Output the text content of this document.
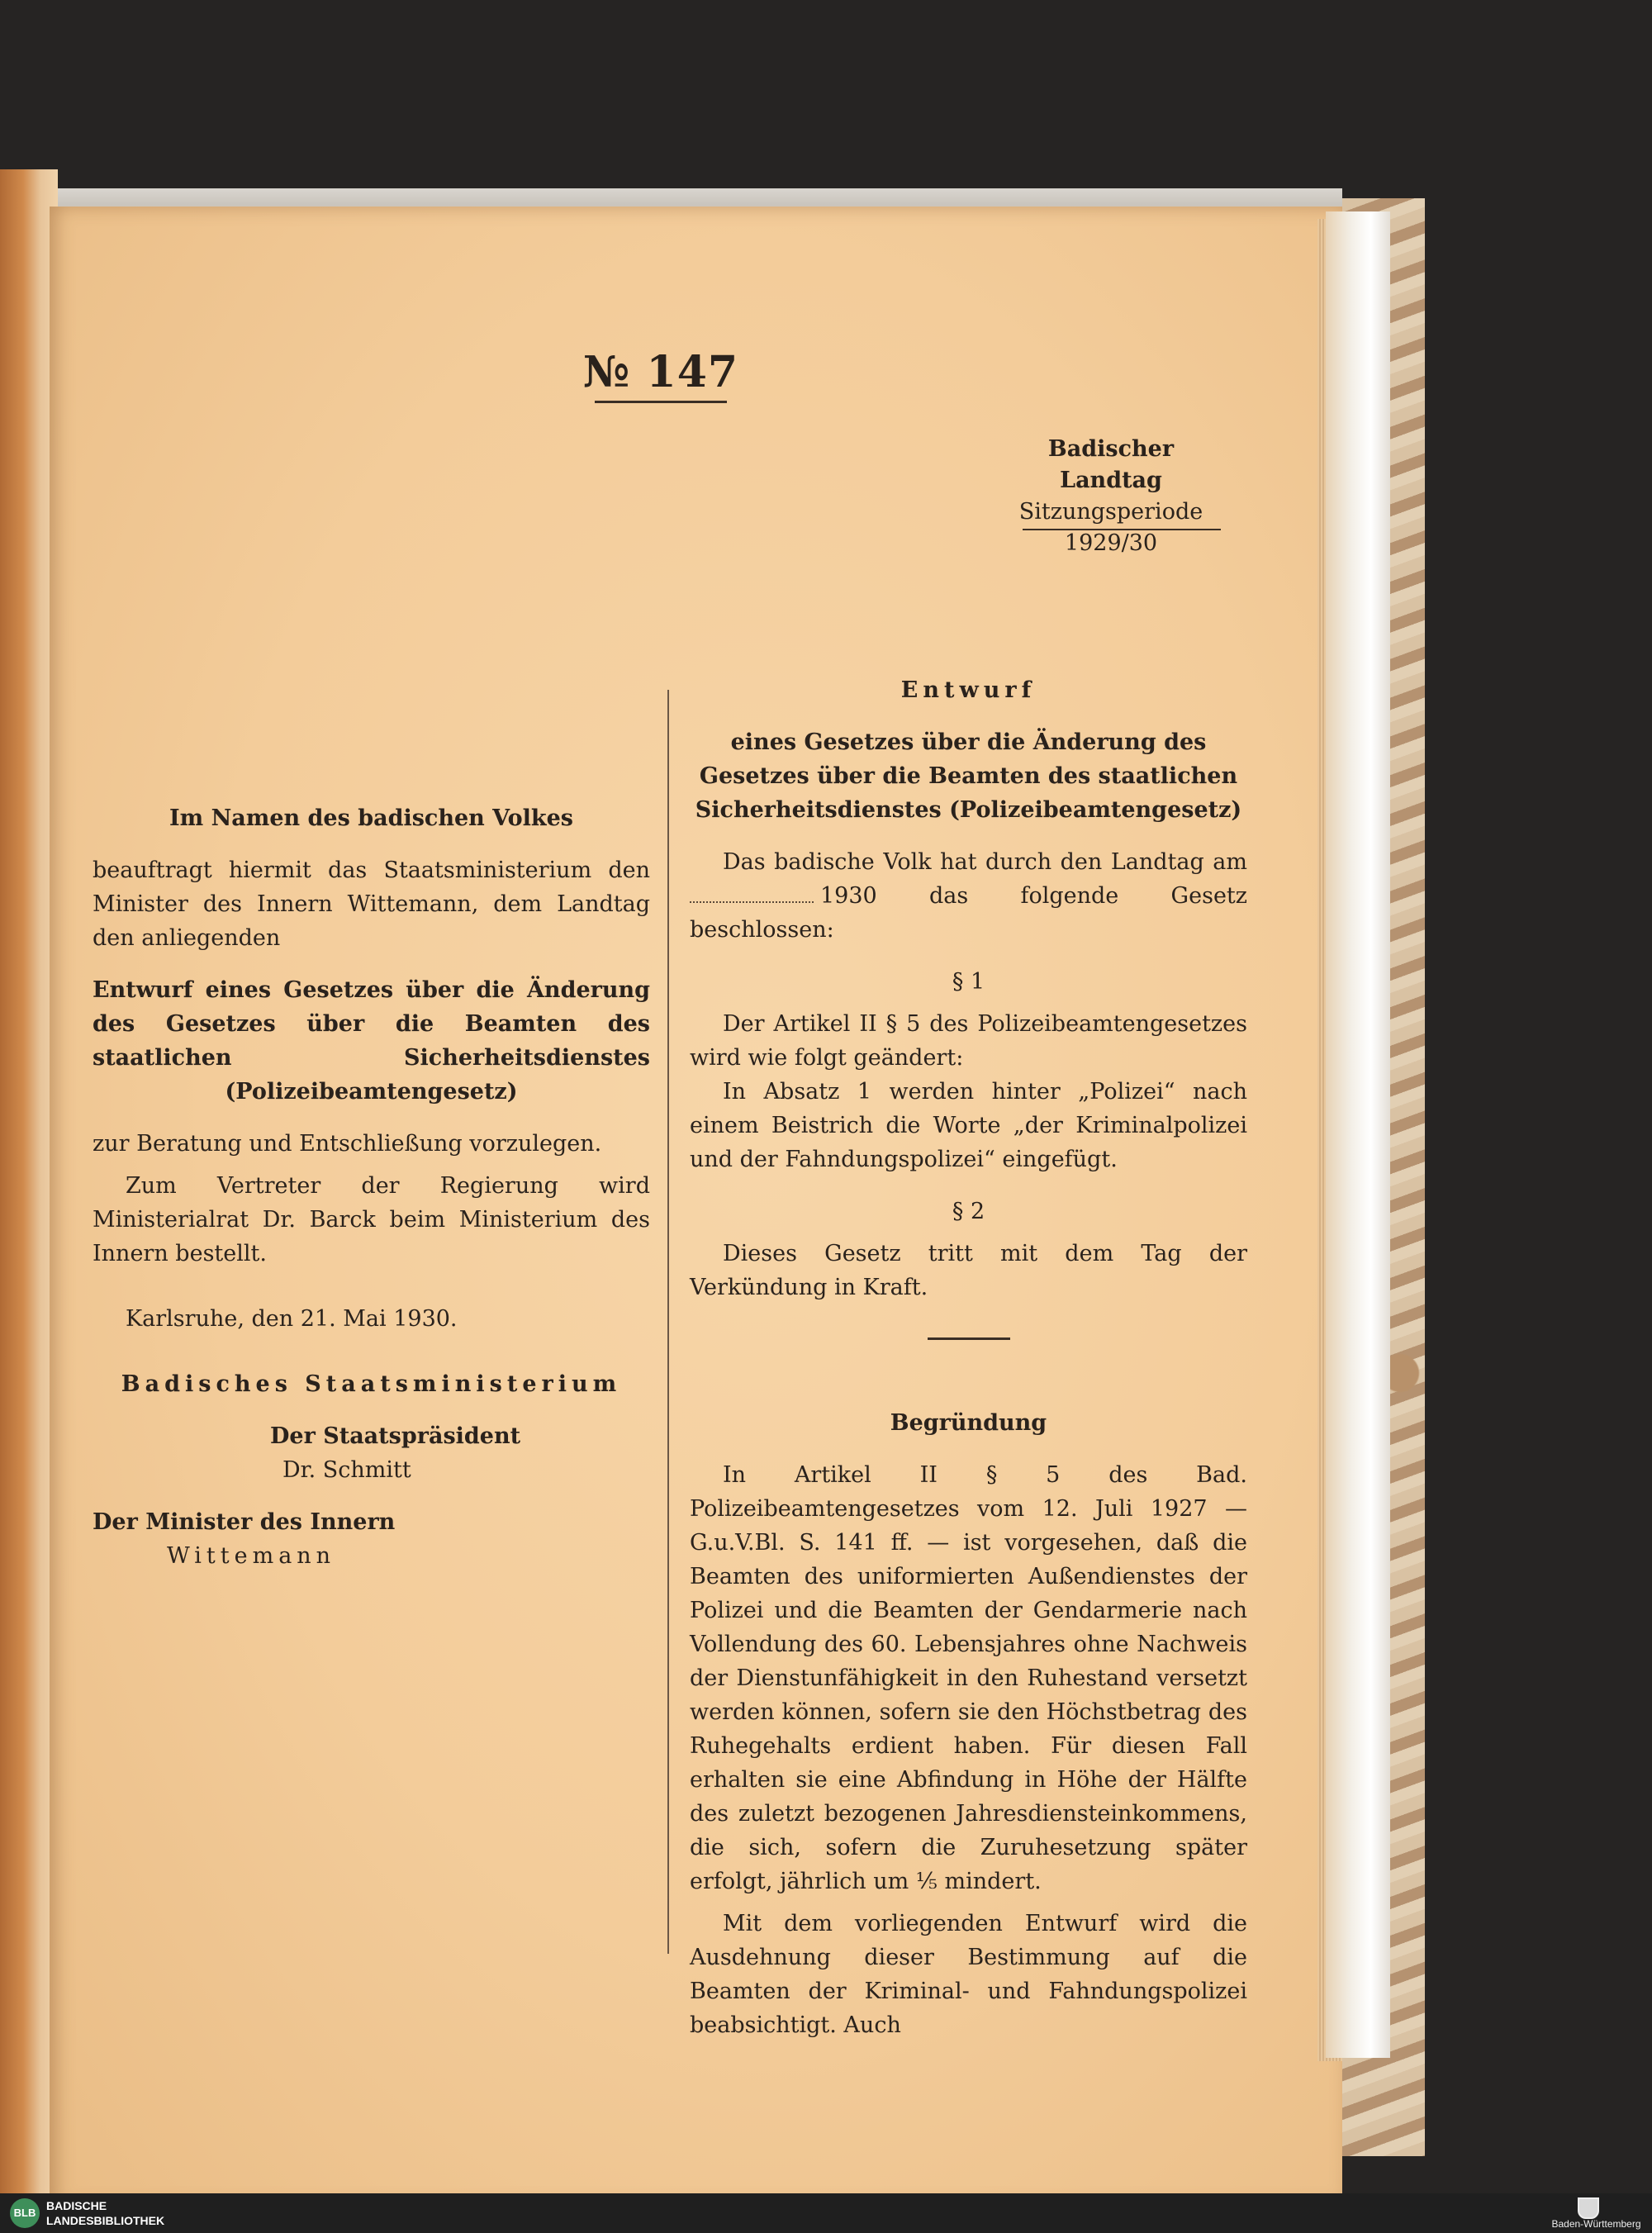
№ 147
Badischer Landtag
Sitzungsperiode
1929/30

Im Namen des badischen Volkes

beauftragt hiermit das Staatsministerium den Minister des Innern Wittemann, dem Landtag den anliegenden

Entwurf eines Gesetzes über die Änderung des Gesetzes über die Beamten des staatlichen Sicherheitsdienstes (Polizeibeamtengesetz)

zur Beratung und Entschließung vorzulegen.

Zum Vertreter der Regierung wird Ministerialrat Dr. Barck beim Ministerium des Innern bestellt.

Karlsruhe, den 21. Mai 1930.

Badisches Staatsministerium

Der Staatspräsident

Dr. Schmitt

Der Minister des Innern

Wittemann

Entwurf

eines Gesetzes über die Änderung des Gesetzes über die Beamten des staatlichen Sicherheitsdienstes (Polizeibeamtengesetz)

Das badische Volk hat durch den Landtag am 1930 das folgende Gesetz beschlossen:

§ 1

Der Artikel II § 5 des Polizeibeamtengesetzes wird wie folgt geändert:

In Absatz 1 werden hinter „Polizei“ nach einem Beistrich die Worte „der Kriminalpolizei und der Fahndungspolizei“ eingefügt.

§ 2

Dieses Gesetz tritt mit dem Tag der Verkündung in Kraft.

Begründung

In Artikel II § 5 des Bad. Polizeibeamtengesetzes vom 12. Juli 1927 — G.u.V.Bl. S. 141 ff. — ist vorgesehen, daß die Beamten des uniformierten Außendienstes der Polizei und die Beamten der Gendarmerie nach Vollendung des 60. Lebensjahres ohne Nachweis der Dienstunfähigkeit in den Ruhestand versetzt werden können, sofern sie den Höchstbetrag des Ruhegehalts erdient haben. Für diesen Fall erhalten sie eine Abfindung in Höhe der Hälfte des zuletzt bezogenen Jahresdiensteinkommens, die sich, sofern die Zuruhesetzung später erfolgt, jährlich um ⅕ mindert.

Mit dem vorliegenden Entwurf wird die Ausdehnung dieser Bestimmung auf die Beamten der Kriminal- und Fahndungspolizei beabsichtigt. Auch

BLB
BADISCHE
LANDESBIBLIOTHEK	Baden-Württemberg
